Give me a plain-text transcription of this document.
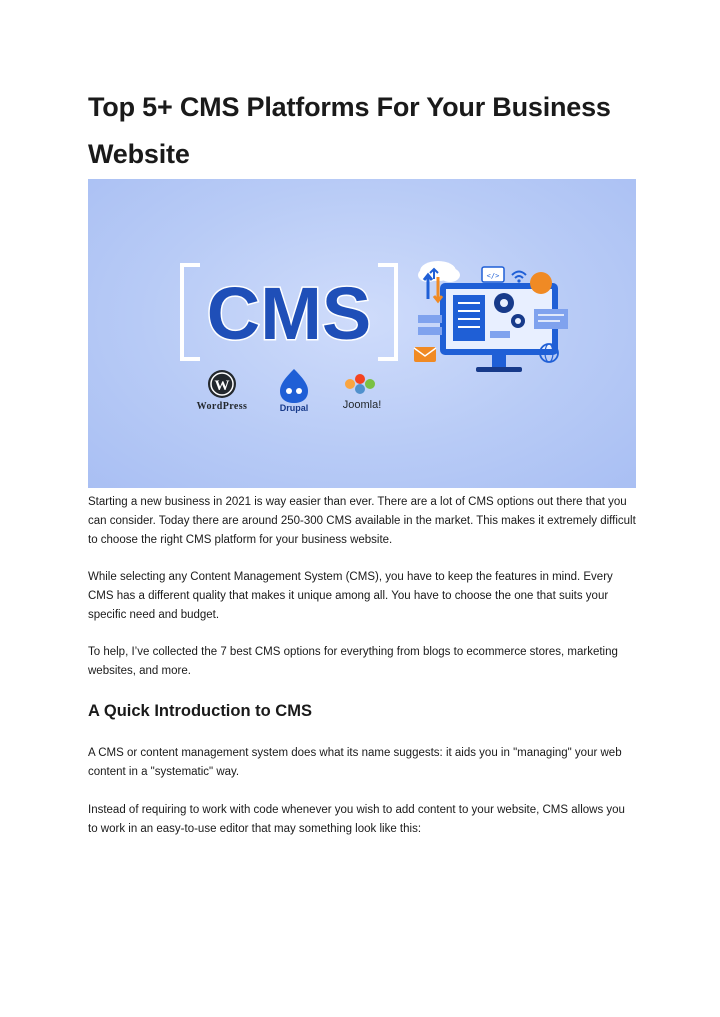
Top 5+ CMS Platforms For Your Business Website
CMS	</>
W
WordPress	Drupal	Joomla!

Starting a new business in 2021 is way easier than ever. There are a lot of CMS options out there that you can consider. Today there are around 250-300 CMS available in the market. This makes it extremely difficult to choose the right CMS platform for your business website.

While selecting any Content Management System (CMS), you have to keep the features in mind. Every CMS has a different quality that makes it unique among all. You have to choose the one that suits your specific need and budget.

To help, I’ve collected the 7 best CMS options for everything from blogs to ecommerce stores, marketing websites, and more.

A Quick Introduction to CMS

A CMS or content management system does what its name suggests: it aids you in "managing" your web content in a "systematic" way.

Instead of requiring to work with code whenever you wish to add content to your website, CMS allows you to work in an easy-to-use editor that may something look like this:
